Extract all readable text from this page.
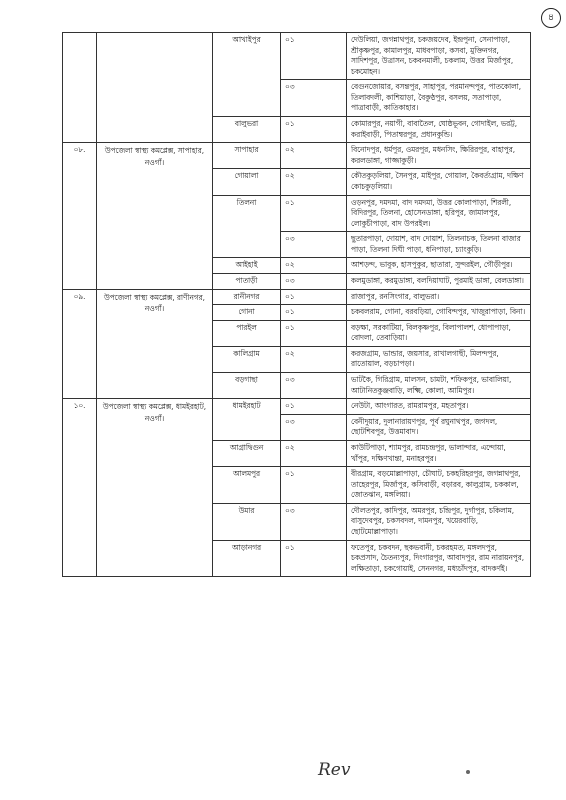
৪
		আখাইপুর	০১	দেউলিয়া, জগন্নাথপুর, চকজয়দেব, ইন্দ্রপুনা, সেনাপাড়া, শ্রীকৃষ্ণপুর, কামালপুর, মাধবপাড়া, কসবা, মুক্তিনগর, সাদিশপুর, উত্রাসন, চকবনমালী, চকলাম, উত্তর মির্জাপুর, চকমোহন।
			০৩	বেগুনজোয়ার, বসন্তপুর, সাহাপুর, পরমানন্দপুর, পাতকোলা, তিলাবদলী, কাশিয়াড়া, বৈকুণ্ঠপুর, বসলয়, সতাপাড়া, পাত্রাবাড়ী, কাতিকাহার।
		বালুভরা	০১	কোমারপুর, নয়াগী, বাবাতৈল, ঘোষ্ঠভূবন, গোদাইল, ভরট্ট, করাইবাড়ী, পিতাম্বরপুর, প্রধানকুন্ডি।
০৮.	উপজেলা স্বাস্থ্য কমপ্লেক্স, সাপাহার, নওগাঁ।	সাপাহার	০২	বিনোদপুর, ধর্মপুর, ওমরপুর, মধনসিং, ক্ষিরিরপুর, বাহাপুর, করলডাঙ্গা, গাজ্জাকুড়ী।
		গোয়ালা	০২	কৌতকুড়লিয়া, সৈনপুর, মাইপুর, গোয়াল, কৈবর্ত্যগ্রাম, দক্ষিণ কোচকুড়লিয়া।
		তিলনা	০১	ওড়নপুর, দমদমা, বাদ দমদমা, উত্তর কোলাপাড়া, শিরলী, বিদিরপুর, তিলনা, হোসেনডাঙ্গা, হরিপুর, জামালপুর, লোকুচীপাড়া, বাদ উপরইল।
			০৩	ছুতারপাড়া, দোয়াশ, বাদ দোয়াশ, তিলনাচক, তিলনা বাজার পাড়া, তিলনা দিঘী পাড়া, ধনিপাড়া, চ্যাংকুড়ি।
		আইহাই	০২	আশড়ন্দ, ভাবুক, হাসপুকুর, ছাতারা, সুন্দরইল, গৌড়ীপুর।
		পাতাড়ী	০৩	কলমুডাঙ্গা, করমুডাঙ্গা, বলদিয়াঘাট, পুরমাই ডাঙ্গা, বেলডাঙ্গা।
০৯.	উপজেলা স্বাস্থ্য কমপ্লেক্স, রাণীনগর, নওগাঁ।	রানীনগর	০১	রাজাপুর, রনসিংগার, বালুভরা।
		গোনা	০১	চকবলরাম, গোনা, বরবড়িয়া, গোবিন্দপুর, খাজুরাপাড়া, বিনা।
		পারইল	০১	বড়ক্ষা, সরকাটিয়া, বিলকৃষ্ণপুর, বিলাপালশ, ধোপাপাড়া, বোদলা, তেবাড়িয়া।
		কালিগ্রাম	০২	করজগ্রাম, ভান্ডার, জয়সার, রাখালগাছী, মিলন্দপুর, রাতোয়াল, বড়চাপড়া।
		বড়গাছা	০৩	ভাটকৈ, গিরিগ্রাম, মালসন, চামটা, শফিকপুর, ভাবালিয়া, আটানিতকুঞ্জবাড়ি, লক্ষ্মি, কোলা, আমিপুর।
১০.	উপজেলা স্বাস্থ্য কমপ্লেক্স, ধামইরহাট, নওগাঁ।	ধামইরহাট	০১	নেউটা, আংগারত, রামরামপুর, মহতাপুর।
			০৩	বেনীদুয়ার, দুলানারায়ণপুর, পূর্ব রঘুনাথপুর, জগদল, ছোটশিবপুর, উত্তমাবাদ।
		আগ্রাদ্বিগুন	০২	কাউটিপাড়া, শ্যামপুর, রামচন্দ্রপুর, ভালান্দার, এন্দোয়া, খাঁপুর, দক্ষিণখান্তা, মনাহরপুর।
		আলমপুর	০১	বীরগ্রাম, বড়মোল্লাপাড়া, চৌঘাট, চকহরিহরপুর, জগন্নাথপুর, তাহেরপুর, মির্জাপুর, কসিবাড়ী, বড়ারব, কালুগ্রাম, চককাল, জোতঝান, মঙ্গলিয়া।
		উমার	০৩	দৌলতপুর, কাদিপুর, অমরপুর, চন্দ্রিপুর, দুর্গাপুর, চকিলাম, বাসুদেবপুর, চকসবদল, দামনপুর, খয়েরবাড়ি, ছোটমোল্লাপাড়া।
		আড়ানগর	০১	ফতেপুর, চকবদন, ছকভবানী, চকরহমত, মঙ্গলদপুর, চকপ্রসাদ, চৈতন্যপুর, দিংগারপুর, আবাদপুর, রাম নারায়নপুর, লক্ষিতাড়া, চকগোয়াই, সেননগর, মধ্যচাঁদপুর, বাদকর্ণই।
Rev
